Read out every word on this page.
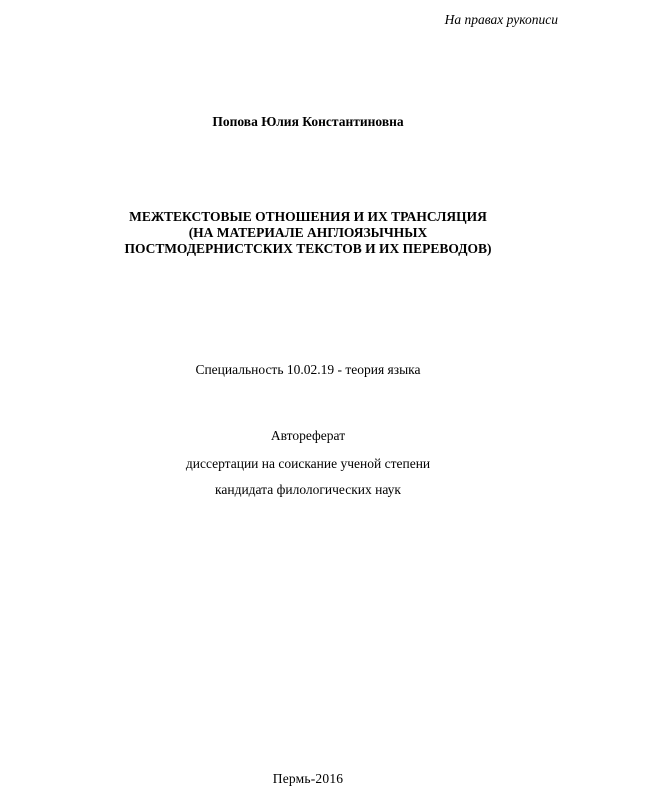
На правах рукописи
Попова Юлия Константиновна
МЕЖТЕКСТОВЫЕ ОТНОШЕНИЯ И ИХ ТРАНСЛЯЦИЯ
(НА МАТЕРИАЛЕ АНГЛОЯЗЫЧНЫХ
ПОСТМОДЕРНИСТСКИХ ТЕКСТОВ И ИХ ПЕРЕВОДОВ)
Специальность 10.02.19 - теория языка
Автореферат
диссертации на соискание ученой степени
кандидата филологических наук
Пермь-2016
